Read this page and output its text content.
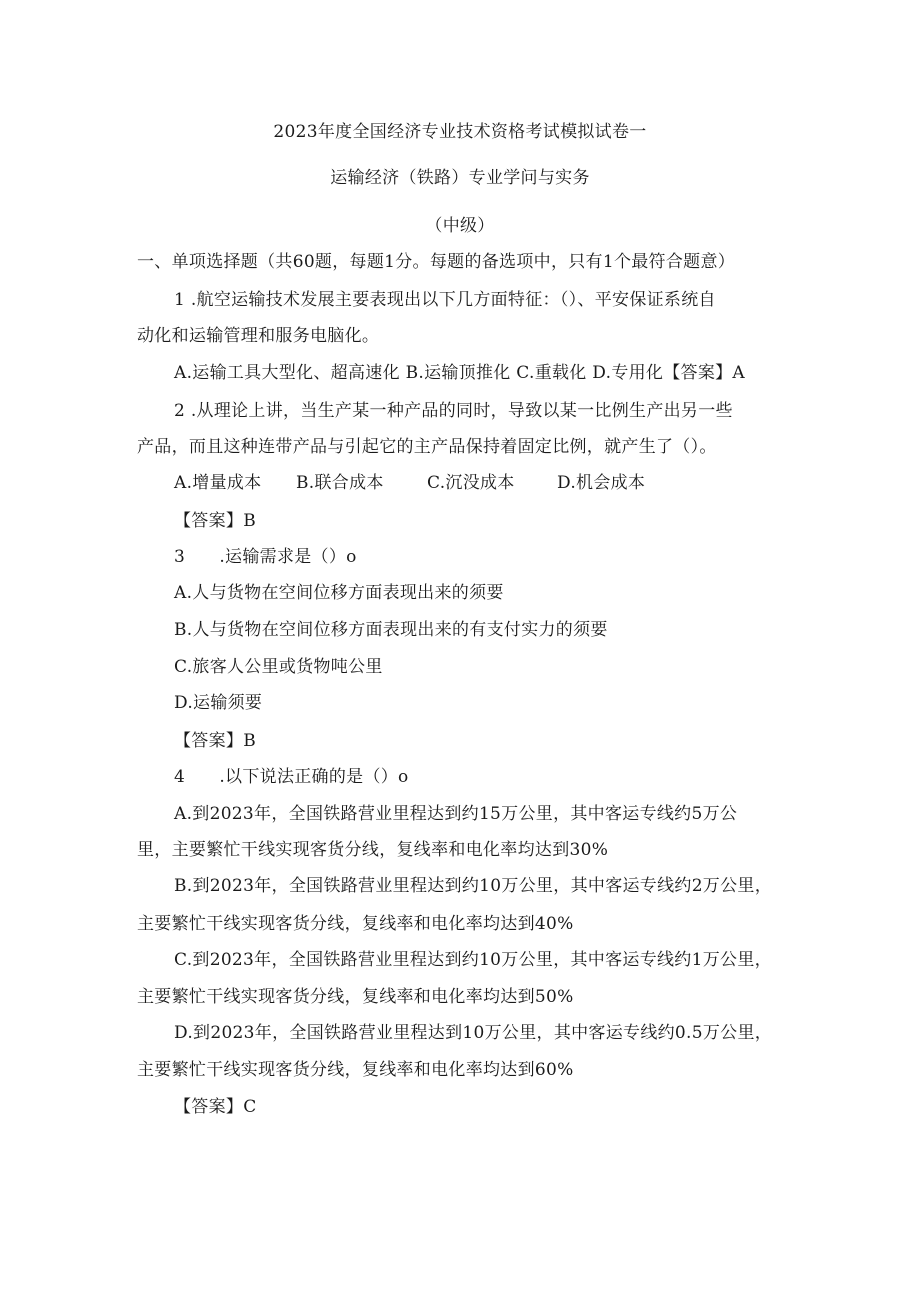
2023年度全国经济专业技术资格考试模拟试卷一
运输经济（铁路）专业学问与实务
（中级）
一、单项选择题（共60题，每题1分。每题的备选项中，只有1个最符合题意）
1 .航空运输技术发展主要表现出以下几方面特征：（）、平安保证系统自
动化和运输管理和服务电脑化。
A.运输工具大型化、超高速化 B.运输顶推化 C.重载化 D.专用化【答案】A
2 .从理论上讲，当生产某一种产品的同时，导致以某一比例生产出另一些
产品，而且这种连带产品与引起它的主产品保持着固定比例，就产生了（）。
A.增量成本 B.联合成本	C.沉没成本 D.机会成本
【答案】B
3      .运输需求是（）o
A.人与货物在空间位移方面表现出来的须要
B.人与货物在空间位移方面表现出来的有支付实力的须要
C.旅客人公里或货物吨公里
D.运输须要
【答案】B
4      .以下说法正确的是（）o
A.到2023年，全国铁路营业里程达到约15万公里，其中客运专线约5万公
里，主要繁忙干线实现客货分线，复线率和电化率均达到30%
B.到2023年，全国铁路营业里程达到约10万公里，其中客运专线约2万公里，
主要繁忙干线实现客货分线，复线率和电化率均达到40%
C.到2023年，全国铁路营业里程达到约10万公里，其中客运专线约1万公里，
主要繁忙干线实现客货分线，复线率和电化率均达到50%
D.到2023年，全国铁路营业里程达到10万公里，其中客运专线约0.5万公里，
主要繁忙干线实现客货分线，复线率和电化率均达到60%
【答案】C
